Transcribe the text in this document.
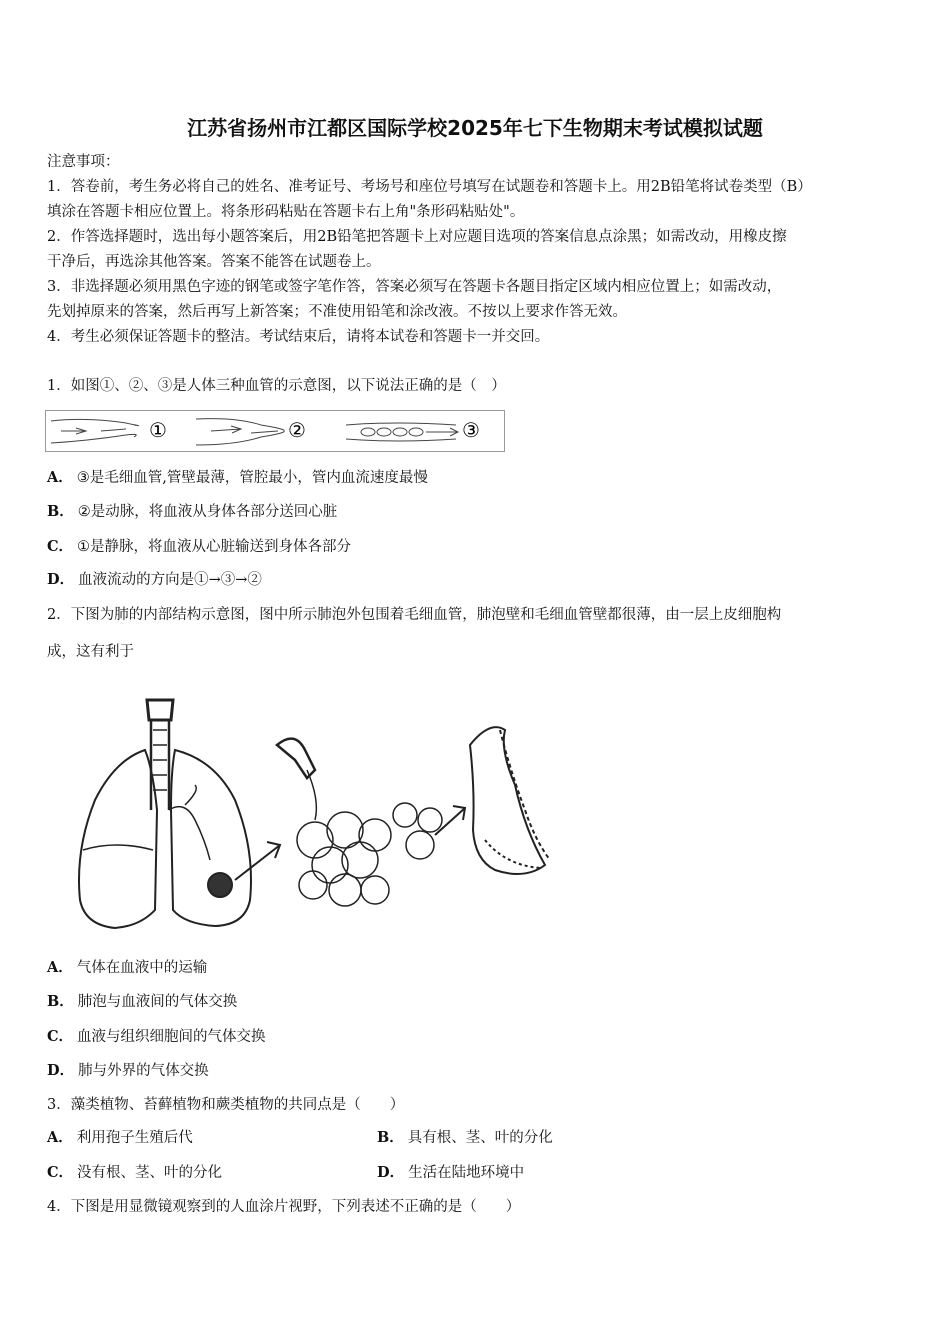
江苏省扬州市江都区国际学校2025年七下生物期末考试模拟试题
注意事项：
1．答卷前，考生务必将自己的姓名、准考证号、考场号和座位号填写在试题卷和答题卡上。用2B铅笔将试卷类型（B）
填涂在答题卡相应位置上。将条形码粘贴在答题卡右上角"条形码粘贴处"。
2．作答选择题时，选出每小题答案后，用2B铅笔把答题卡上对应题目选项的答案信息点涂黑；如需改动，用橡皮擦
干净后，再选涂其他答案。答案不能答在试题卷上。
3．非选择题必须用黑色字迹的钢笔或签字笔作答，答案必须写在答题卡各题目指定区域内相应位置上；如需改动，
先划掉原来的答案，然后再写上新答案；不准使用铅笔和涂改液。不按以上要求作答无效。
4．考生必须保证答题卡的整洁。考试结束后，请将本试卷和答题卡一并交回。
1．如图①、②、③是人体三种血管的示意图，以下说法正确的是（　）
①	②	③
A． ③是毛细血管,管壁最薄，管腔最小，管内血流速度最慢
B． ②是动脉，将血液从身体各部分送回心脏
C． ①是静脉，将血液从心脏输送到身体各部分
D． 血液流动的方向是①→③→②
2．下图为肺的内部结构示意图，图中所示肺泡外包围着毛细血管，肺泡壁和毛细血管壁都很薄，由一层上皮细胞构
成，这有利于
A． 气体在血液中的运输
B． 肺泡与血液间的气体交换
C． 血液与组织细胞间的气体交换
D． 肺与外界的气体交换
3．藻类植物、苔藓植物和蕨类植物的共同点是（　　）
A． 利用孢子生殖后代	B． 具有根、茎、叶的分化
C． 没有根、茎、叶的分化	D． 生活在陆地环境中
4．下图是用显微镜观察到的人血涂片视野，下列表述不正确的是（　　）
